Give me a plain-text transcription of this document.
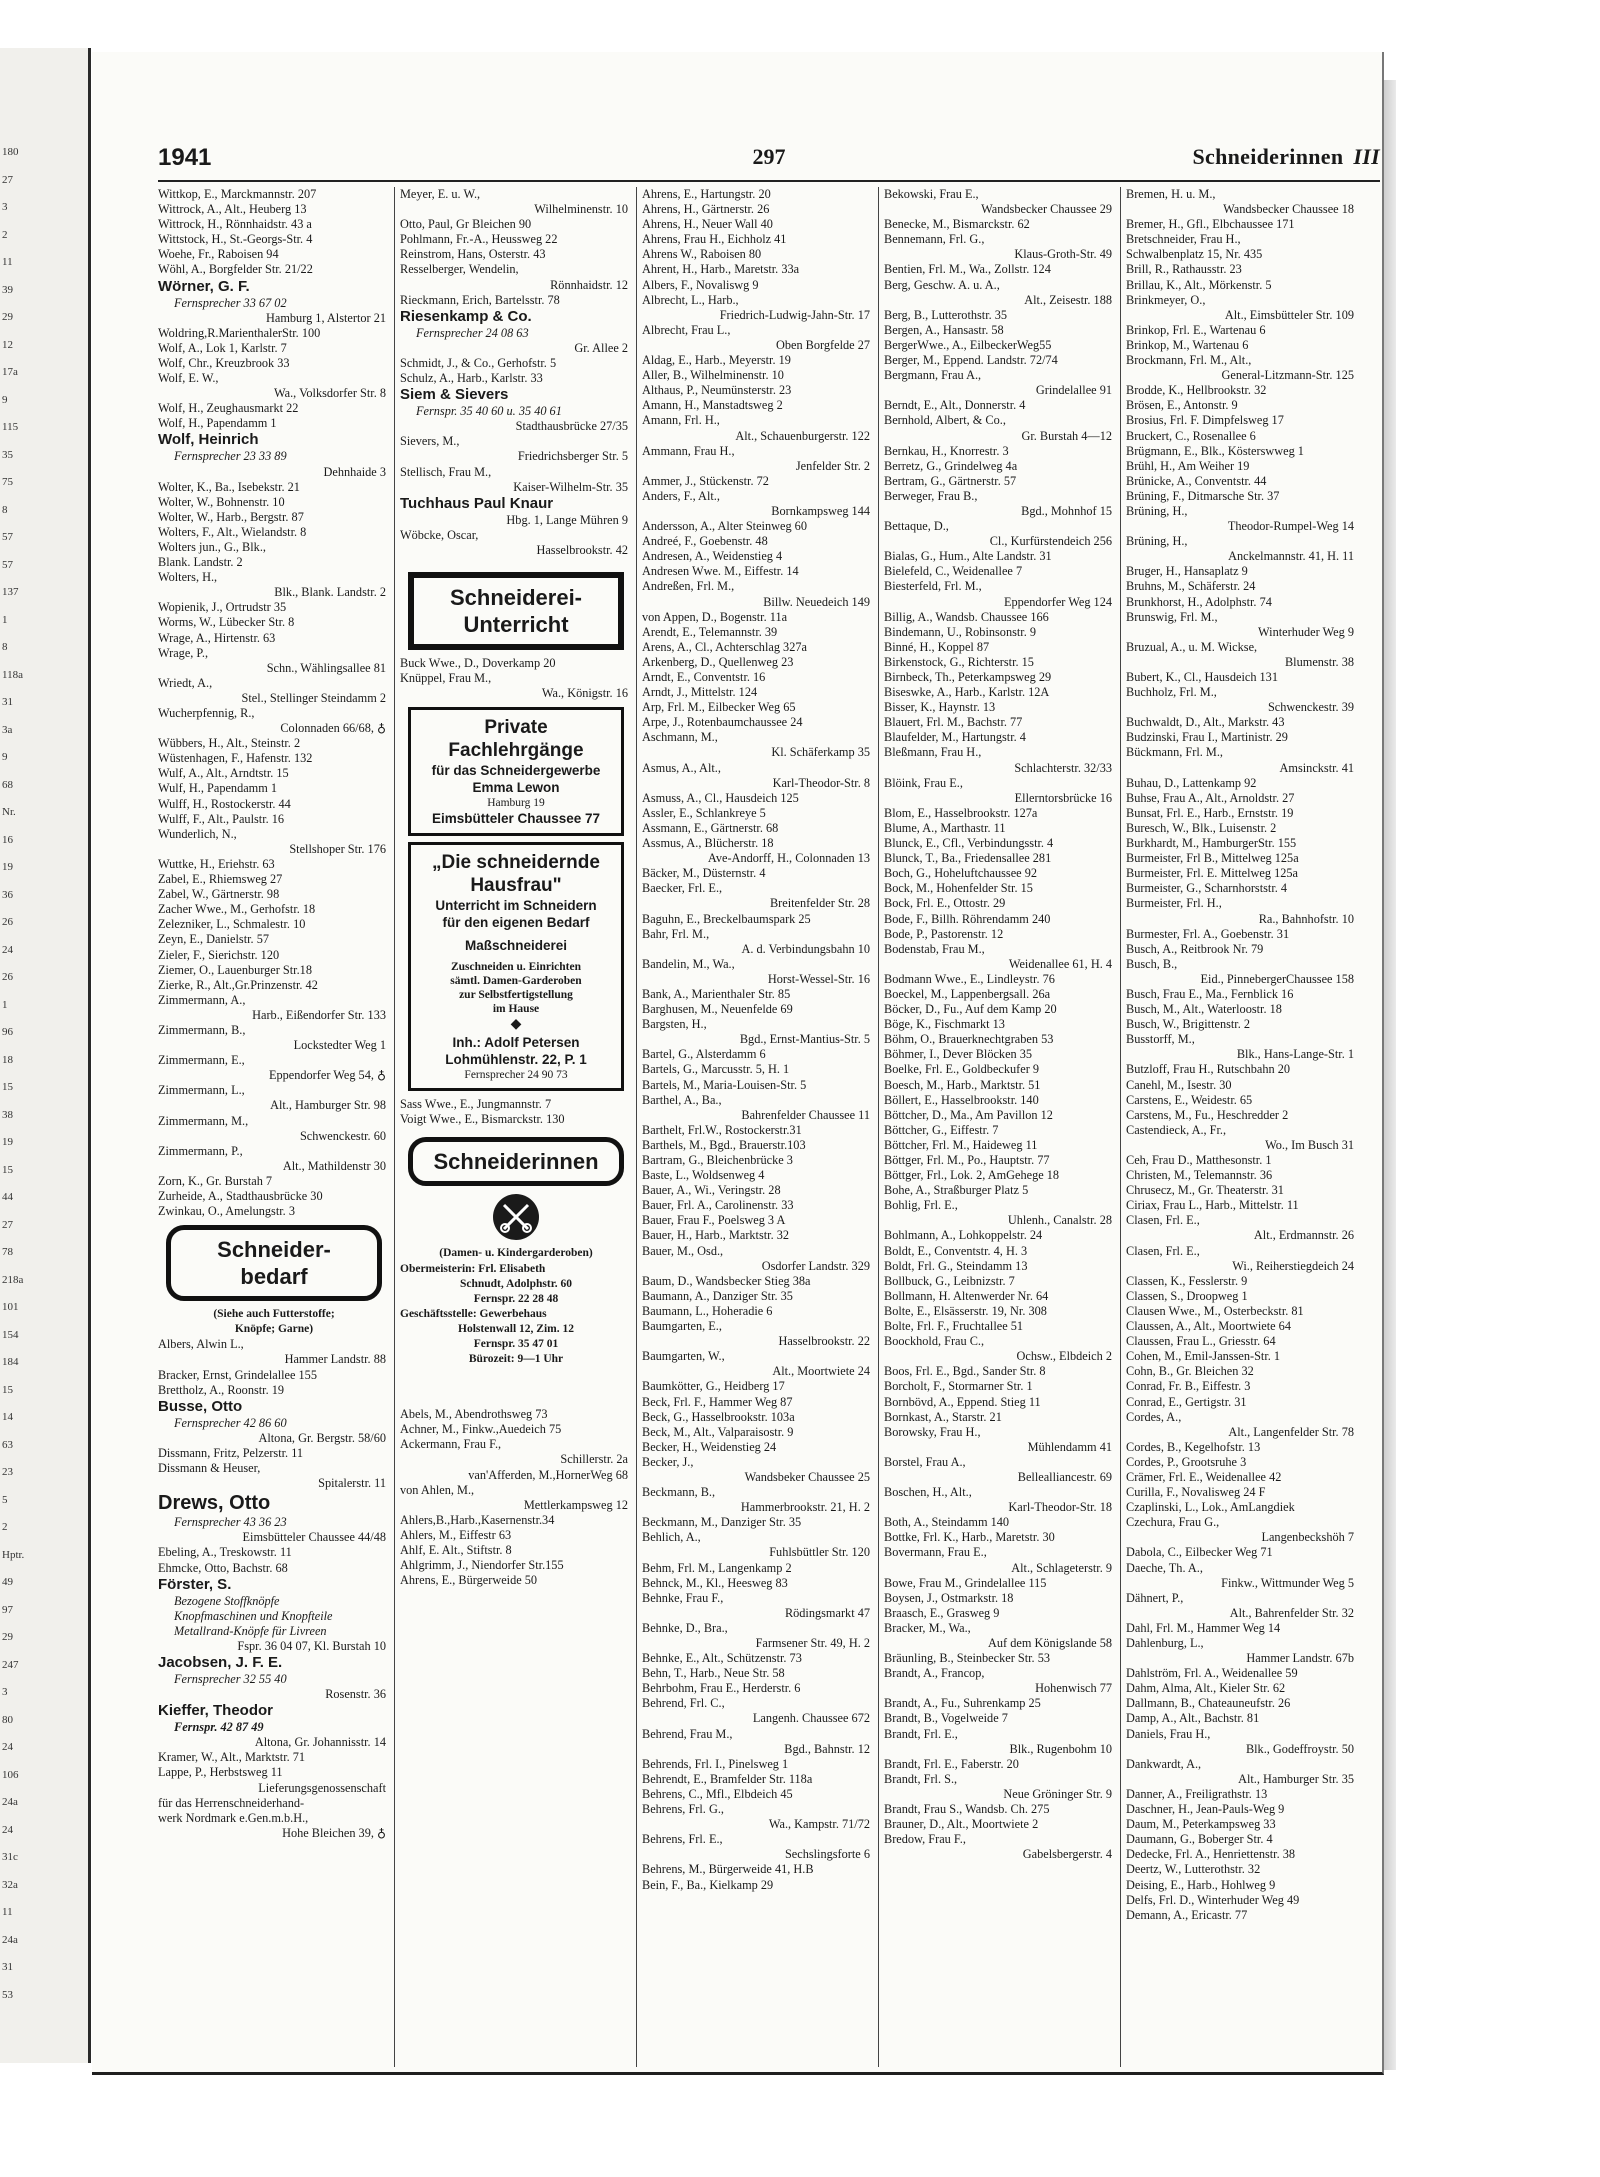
180
27
3
2
11
39
29
12
17a
9
115
35
75
8
57
57
137
1
8
118a
31
3a
9
68
Nr.
16
19
36
26
24
26
1
96
18
15
38
19
15
44
27
78
218a
101
154
184
15
14
63
23
5
2
Hptr.
49
97
29
247
3
80
24
106
24a
24
31c
32a
11
24a
31
53
1941	297	Schneiderinnen III
Wittkop, E., Marckmannstr. 207
Wittrock, A., Alt., Heuberg 13
Wittrock, H., Rönnhaidstr. 43 a
Wittstock, H., St.-Georgs-Str. 4
Woehe, Fr., Raboisen 94
Wöhl, A., Borgfelder Str. 21/22
Wörner, G. F.
Fernsprecher 33 67 02
Hamburg 1, Alstertor 21
Woldring,R.MarienthalerStr. 100
Wolf, A., Lok 1, Karlstr. 7
Wolf, Chr., Kreuzbrook 33
Wolf, E. W.,
Wa., Volksdorfer Str. 8
Wolf, H., Zeughausmarkt 22
Wolf, H., Papendamm 1
Wolf, Heinrich
Fernsprecher 23 33 89
Dehnhaide 3
Wolter, K., Ba., Isebekstr. 21
Wolter, W., Bohnenstr. 10
Wolter, W., Harb., Bergstr. 87
Wolters, F., Alt., Wielandstr. 8
Wolters jun., G., Blk.,
Blank. Landstr. 2
Wolters, H.,
Blk., Blank. Landstr. 2
Wopienik, J., Ortrudstr 35
Worms, W., Lübecker Str. 8
Wrage, A., Hirtenstr. 63
Wrage, P.,
Schn., Wählingsallee 81
Wriedt, A.,
Stel., Stellinger Steindamm 2
Wucherpfennig, R.,
Colonnaden 66/68, ♁
Wübbers, H., Alt., Steinstr. 2
Wüstenhagen, F., Hafenstr. 132
Wulf, A., Alt., Arndtstr. 15
Wulf, H., Papendamm 1
Wulff, H., Rostockerstr. 44
Wulff, F., Alt., Paulstr. 16
Wunderlich, N.,
Stellshoper Str. 176
Wuttke, H., Eriehstr. 63
Zabel, E., Rhiemsweg 27
Zabel, W., Gärtnerstr. 98
Zacher Wwe., M., Gerhofstr. 18
Zelezniker, L., Schmalestr. 10
Zeyn, E., Danielstr. 57
Zieler, F., Sierichstr. 120
Ziemer, O., Lauenburger Str.18
Zierke, R., Alt.,Gr.Prinzenstr. 42
Zimmermann, A.,
Harb., Eißendorfer Str. 133
Zimmermann, B.,
Lockstedter Weg 1
Zimmermann, E.,
Eppendorfer Weg 54, ♁
Zimmermann, L.,
Alt., Hamburger Str. 98
Zimmermann, M.,
Schwenckestr. 60
Zimmermann, P.,
Alt., Mathildenstr 30
Zorn, K., Gr. Burstah 7
Zurheide, A., Stadthausbrücke 30
Zwinkau, O., Amelungstr. 3
Schneider-
bedarf
(Siehe auch Futterstoffe;
Knöpfe; Garne)
Albers, Alwin L.,
Hammer Landstr. 88
Bracker, Ernst, Grindelallee 155
Brettholz, A., Roonstr. 19
Busse, Otto
Fernsprecher 42 86 60
Altona, Gr. Bergstr. 58/60
Dissmann, Fritz, Pelzerstr. 11
Dissmann & Heuser,
Spitalerstr. 11
Drews, Otto
Fernsprecher 43 36 23
Eimsbütteler Chaussee 44/48
Ebeling, A., Treskowstr. 11
Ehmcke, Otto, Bachstr. 68
Förster, S.
Bezogene Stoffknöpfe
Knopfmaschinen und Knopfteile
Metallrand-Knöpfe für Livreen
Fspr. 36 04 07, Kl. Burstah 10
Jacobsen, J. F. E.
Fernsprecher 32 55 40
Rosenstr. 36
Kieffer, Theodor
Fernspr. 42 87 49
Altona, Gr. Johannisstr. 14
Kramer, W., Alt., Marktstr. 71
Lappe, P., Herbstsweg 11
Lieferungsgenossenschaft
für das Herrenschneiderhand-
werk Nordmark e.Gen.m.b.H.,
Hohe Bleichen 39, ♁
Meyer, E. u. W.,
Wilhelminenstr. 10
Otto, Paul, Gr Bleichen 90
Pohlmann, Fr.-A., Heussweg 22
Reinstrom, Hans, Osterstr. 43
Resselberger, Wendelin,
Rönnhaidstr. 12
Rieckmann, Erich, Bartelsstr. 78
Riesenkamp & Co.
Fernsprecher 24 08 63
Gr. Allee 2
Schmidt, J., & Co., Gerhofstr. 5
Schulz, A., Harb., Karlstr. 33
Siem & Sievers
Fernspr. 35 40 60 u. 35 40 61
Stadthausbrücke 27/35
Sievers, M.,
Friedrichsberger Str. 5
Stellisch, Frau M.,
Kaiser-Wilhelm-Str. 35
Tuchhaus Paul Knaur
Hbg. 1, Lange Mühren 9
Wöbcke, Oscar,
Hasselbrookstr. 42
Schneiderei-
Unterricht
Buck Wwe., D., Doverkamp 20
Knüppel, Frau M.,
Wa., Königstr. 16
Private Fachlehrgänge
für das Schneidergewerbe
Emma Lewon
Hamburg 19
Eimsbütteler Chaussee 77
„Die schneidernde
Hausfrau"
Unterricht im Schneidern
für den eigenen Bedarf
Maßschneiderei
Zuschneiden u. Einrichten
sämtl. Damen-Garderoben
zur Selbstfertigstellung
im Hause
◆
Inh.: Adolf Petersen
Lohmühlenstr. 22, P. 1
Fernsprecher 24 90 73
Sass Wwe., E., Jungmannstr. 7
Voigt Wwe., E., Bismarckstr. 130
Schneiderinnen
(Damen- u. Kindergarderoben)
Obermeisterin: Frl. Elisabeth
Schnudt, Adolphstr. 60
Fernspr. 22 28 48
Geschäftsstelle: Gewerbehaus
Holstenwall 12, Zim. 12
Fernspr. 35 47 01
Bürozeit: 9—1 Uhr
Abels, M., Abendrothsweg 73
Achner, M., Finkw.,Auedeich 75
Ackermann, Frau F.,
Schillerstr. 2a
van'Afferden, M.,HornerWeg 68
von Ahlen, M.,
Mettlerkampsweg 12
Ahlers,B.,Harb.,Kasernenstr.34
Ahlers, M., Eiffestr 63
Ahlf, E. Alt., Stiftstr. 8
Ahlgrimm, J., Niendorfer Str.155
Ahrens, E., Bürgerweide 50
Ahrens, E., Hartungstr. 20
Ahrens, H., Gärtnerstr. 26
Ahrens, H., Neuer Wall 40
Ahrens, Frau H., Eichholz 41
Ahrens W., Raboisen 80
Ahrent, H., Harb., Maretstr. 33a
Albers, F., Novaliswg 9
Albrecht, L., Harb.,
Friedrich-Ludwig-Jahn-Str. 17
Albrecht, Frau L.,
Oben Borgfelde 27
Aldag, E., Harb., Meyerstr. 19
Aller, B., Wilhelminenstr. 10
Althaus, P., Neumünsterstr. 23
Amann, H., Manstadtsweg 2
Amann, Frl. H.,
Alt., Schauenburgerstr. 122
Ammann, Frau H.,
Jenfelder Str. 2
Ammer, J., Stückenstr. 72
Anders, F., Alt.,
Bornkampsweg 144
Andersson, A., Alter Steinweg 60
Andreé, F., Goebenstr. 48
Andresen, A., Weidenstieg 4
Andresen Wwe. M., Eiffestr. 14
Andreßen, Frl. M.,
Billw. Neuedeich 149
von Appen, D., Bogenstr. 11a
Arendt, E., Telemannstr. 39
Arens, A., Cl., Achterschlag 327a
Arkenberg, D., Quellenweg 23
Arndt, E., Conventstr. 16
Arndt, J., Mittelstr. 124
Arp, Frl. M., Eilbecker Weg 65
Arpe, J., Rotenbaumchaussee 24
Aschmann, M.,
Kl. Schäferkamp 35
Asmus, A., Alt.,
Karl-Theodor-Str. 8
Asmuss, A., Cl., Hausdeich 125
Assler, E., Schlankreye 5
Assmann, E., Gärtnerstr. 68
Assmus, A., Blücherstr. 18
Ave-Andorff, H., Colonnaden 13
Bäcker, M., Düsternstr. 4
Baecker, Frl. E.,
Breitenfelder Str. 28
Baguhn, E., Breckelbaumspark 25
Bahr, Frl. M.,
A. d. Verbindungsbahn 10
Bandelin, M., Wa.,
Horst-Wessel-Str. 16
Bank, A., Marienthaler Str. 85
Barghusen, M., Neuenfelde 69
Bargsten, H.,
Bgd., Ernst-Mantius-Str. 5
Bartel, G., Alsterdamm 6
Bartels, G., Marcusstr. 5, H. 1
Bartels, M., Maria-Louisen-Str. 5
Barthel, A., Ba.,
Bahrenfelder Chaussee 11
Barthelt, Frl.W., Rostockerstr.31
Barthels, M., Bgd., Brauerstr.103
Bartram, G., Bleichenbrücke 3
Baste, L., Woldsenweg 4
Bauer, A., Wi., Veringstr. 28
Bauer, Frl. A., Carolinenstr. 33
Bauer, Frau F., Poelsweg 3 A
Bauer, H., Harb., Marktstr. 32
Bauer, M., Osd.,
Osdorfer Landstr. 329
Baum, D., Wandsbecker Stieg 38a
Baumann, A., Danziger Str. 35
Baumann, L., Hoheradie 6
Baumgarten, E.,
Hasselbrookstr. 22
Baumgarten, W.,
Alt., Moortwiete 24
Baumkötter, G., Heidberg 17
Beck, Frl. F., Hammer Weg 87
Beck, G., Hasselbrookstr. 103a
Beck, M., Alt., Valparaisostr. 9
Becker, H., Weidenstieg 24
Becker, J.,
Wandsbeker Chaussee 25
Beckmann, B.,
Hammerbrookstr. 21, H. 2
Beckmann, M., Danziger Str. 35
Behlich, A.,
Fuhlsbüttler Str. 120
Behm, Frl. M., Langenkamp 2
Behnck, M., Kl., Heesweg 83
Behnke, Frau F.,
Rödingsmarkt 47
Behnke, D., Bra.,
Farmsener Str. 49, H. 2
Behnke, E., Alt., Schützenstr. 73
Behn, T., Harb., Neue Str. 58
Behrbohm, Frau E., Herderstr. 6
Behrend, Frl. C.,
Langenh. Chaussee 672
Behrend, Frau M.,
Bgd., Bahnstr. 12
Behrends, Frl. I., Pinelsweg 1
Behrendt, E., Bramfelder Str. 118a
Behrens, C., Mfl., Elbdeich 45
Behrens, Frl. G.,
Wa., Kampstr. 71/72
Behrens, Frl. E.,
Sechslingsforte 6
Behrens, M., Bürgerweide 41, H.B
Bein, F., Ba., Kielkamp 29
Bekowski, Frau E.,
Wandsbecker Chaussee 29
Benecke, M., Bismarckstr. 62
Bennemann, Frl. G.,
Klaus-Groth-Str. 49
Bentien, Frl. M., Wa., Zollstr. 124
Berg, Geschw. A. u. A.,
Alt., Zeisestr. 188
Berg, B., Lutterothstr. 35
Bergen, A., Hansastr. 58
BergerWwe., A., EilbeckerWeg55
Berger, M., Eppend. Landstr. 72/74
Bergmann, Frau A.,
Grindelallee 91
Berndt, E., Alt., Donnerstr. 4
Bernhold, Albert, & Co.,
Gr. Burstah 4—12
Bernkau, H., Knorrestr. 3
Berretz, G., Grindelweg 4a
Bertram, G., Gärtnerstr. 57
Berweger, Frau B.,
Bgd., Mohnhof 15
Bettaque, D.,
Cl., Kurfürstendeich 256
Bialas, G., Hum., Alte Landstr. 31
Bielefeld, C., Weidenallee 7
Biesterfeld, Frl. M.,
Eppendorfer Weg 124
Billig, A., Wandsb. Chaussee 166
Bindemann, U., Robinsonstr. 9
Binné, H., Koppel 87
Birkenstock, G., Richterstr. 15
Birnbeck, Th., Peterkampsweg 29
Biseswke, A., Harb., Karlstr. 12A
Bisser, K., Haynstr. 13
Blauert, Frl. M., Bachstr. 77
Blaufelder, M., Hartungstr. 4
Bleßmann, Frau H.,
Schlachterstr. 32/33
Blöink, Frau E.,
Ellerntorsbrücke 16
Blom, E., Hasselbrookstr. 127a
Blume, A., Marthastr. 11
Blunck, E., Cfl., Verbindungsstr. 4
Blunck, T., Ba., Friedensallee 281
Boch, G., Hoheluftchaussee 92
Bock, M., Hohenfelder Str. 15
Bock, Frl. E., Ottostr. 29
Bode, F., Billh. Röhrendamm 240
Bode, P., Pastorenstr. 12
Bodenstab, Frau M.,
Weidenallee 61, H. 4
Bodmann Wwe., E., Lindleystr. 76
Boeckel, M., Lappenbergsall. 26a
Böcker, D., Fu., Auf dem Kamp 20
Böge, K., Fischmarkt 13
Böhm, O., Brauerknechtgraben 53
Böhmer, I., Dever Blöcken 35
Boelke, Frl. E., Goldbeckufer 9
Boesch, M., Harb., Marktstr. 51
Böllert, E., Hasselbrookstr. 140
Böttcher, D., Ma., Am Pavillon 12
Böttcher, G., Eiffestr. 7
Böttcher, Frl. M., Haideweg 11
Böttger, Frl. M., Po., Hauptstr. 77
Böttger, Frl., Lok. 2, AmGehege 18
Bohe, A., Straßburger Platz 5
Bohlig, Frl. E.,
Uhlenh., Canalstr. 28
Bohlmann, A., Lohkoppelstr. 24
Boldt, E., Conventstr. 4, H. 3
Boldt, Frl. G., Steindamm 13
Bollbuck, G., Leibnizstr. 7
Bollmann, H. Altenwerder Nr. 64
Bolte, E., Elsässerstr. 19, Nr. 308
Bolte, Frl. F., Fruchtallee 51
Boockhold, Frau C.,
Ochsw., Elbdeich 2
Boos, Frl. E., Bgd., Sander Str. 8
Borcholt, F., Stormarner Str. 1
Bornbövd, A., Eppend. Stieg 11
Bornkast, A., Starstr. 21
Borowsky, Frau H.,
Mühlendamm 41
Borstel, Frau A.,
Bellealliancestr. 69
Boschen, H., Alt.,
Karl-Theodor-Str. 18
Both, A., Steindamm 140
Bottke, Frl. K., Harb., Maretstr. 30
Bovermann, Frau E.,
Alt., Schlageterstr. 9
Bowe, Frau M., Grindelallee 115
Boysen, J., Ostmarkstr. 18
Braasch, E., Grasweg 9
Bracker, M., Wa.,
Auf dem Königslande 58
Bräunling, B., Steinbecker Str. 53
Brandt, A., Francop,
Hohenwisch 77
Brandt, A., Fu., Suhrenkamp 25
Brandt, B., Vogelweide 7
Brandt, Frl. E.,
Blk., Rugenbohm 10
Brandt, Frl. E., Faberstr. 20
Brandt, Frl. S.,
Neue Gröninger Str. 9
Brandt, Frau S., Wandsb. Ch. 275
Brauner, D., Alt., Moortwiete 2
Bredow, Frau F.,
Gabelsbergerstr. 4
Bremen, H. u. M.,
Wandsbecker Chaussee 18
Bremer, H., Gfl., Elbchaussee 171
Bretschneider, Frau H.,
Schwalbenplatz 15, Nr. 435
Brill, R., Rathausstr. 23
Brillau, K., Alt., Mörkenstr. 5
Brinkmeyer, O.,
Alt., Eimsbütteler Str. 109
Brinkop, Frl. E., Wartenau 6
Brinkop, M., Wartenau 6
Brockmann, Frl. M., Alt.,
General-Litzmann-Str. 125
Brodde, K., Hellbrookstr. 32
Brösen, E., Antonstr. 9
Brosius, Frl. F. Dimpfelsweg 17
Bruckert, C., Rosenallee 6
Brügmann, E., Blk., Kösterswweg 1
Brühl, H., Am Weiher 19
Brünicke, A., Conventstr. 44
Brüning, F., Ditmarsche Str. 37
Brüning, H.,
Theodor-Rumpel-Weg 14
Brüning, H.,
Anckelmannstr. 41, H. 11
Bruger, H., Hansaplatz 9
Bruhns, M., Schäferstr. 24
Brunkhorst, H., Adolphstr. 74
Brunswig, Frl. M.,
Winterhuder Weg 9
Bruzual, A., u. M. Wickse,
Blumenstr. 38
Bubert, K., Cl., Hausdeich 131
Buchholz, Frl. M.,
Schwenckestr. 39
Buchwaldt, D., Alt., Markstr. 43
Budzinski, Frau I., Martinistr. 29
Bückmann, Frl. M.,
Amsinckstr. 41
Buhau, D., Lattenkamp 92
Buhse, Frau A., Alt., Arnoldstr. 27
Bunsat, Frl. E., Harb., Ernststr. 19
Buresch, W., Blk., Luisenstr. 2
Burkhardt, M., HamburgerStr. 155
Burmeister, Frl B., Mittelweg 125a
Burmeister, Frl. E. Mittelweg 125a
Burmeister, G., Scharnhorststr. 4
Burmeister, Frl. H.,
Ra., Bahnhofstr. 10
Burmester, Frl. A., Goebenstr. 31
Busch, A., Reitbrook Nr. 79
Busch, B.,
Eid., PinnebergerChaussee 158
Busch, Frau E., Ma., Fernblick 16
Busch, M., Alt., Waterloostr. 18
Busch, W., Brigittenstr. 2
Busstorff, M.,
Blk., Hans-Lange-Str. 1
Butzloff, Frau H., Rutschbahn 20
Canehl, M., Isestr. 30
Carstens, E., Weidestr. 65
Carstens, M., Fu., Heschredder 2
Castendieck, A., Fr.,
Wo., Im Busch 31
Ceh, Frau D., Matthesonstr. 1
Christen, M., Telemannstr. 36
Chrusecz, M., Gr. Theaterstr. 31
Ciriax, Frau L., Harb., Mittelstr. 11
Clasen, Frl. E.,
Alt., Erdmannstr. 26
Clasen, Frl. E.,
Wi., Reiherstiegdeich 24
Classen, K., Fesslerstr. 9
Classen, S., Droopweg 1
Clausen Wwe., M., Osterbeckstr. 81
Claussen, A., Alt., Moortwiete 64
Claussen, Frau L., Griesstr. 64
Cohen, M., Emil-Janssen-Str. 1
Cohn, B., Gr. Bleichen 32
Conrad, Fr. B., Eiffestr. 3
Conrad, E., Gertigstr. 31
Cordes, A.,
Alt., Langenfelder Str. 78
Cordes, B., Kegelhofstr. 13
Cordes, P., Grootsruhe 3
Crämer, Frl. E., Weidenallee 42
Curilla, F., Novalisweg 24 F
Czaplinski, L., Lok., AmLangdiek
Czechura, Frau G.,
Langenbeckshöh 7
Dabola, C., Eilbecker Weg 71
Daeche, Th. A.,
Finkw., Wittmunder Weg 5
Dähnert, P.,
Alt., Bahrenfelder Str. 32
Dahl, Frl. M., Hammer Weg 14
Dahlenburg, L.,
Hammer Landstr. 67b
Dahlström, Frl. A., Weidenallee 59
Dahm, Alma, Alt., Kieler Str. 62
Dallmann, B., Chateauneufstr. 26
Damp, A., Alt., Bachstr. 81
Daniels, Frau H.,
Blk., Godeffroystr. 50
Dankwardt, A.,
Alt., Hamburger Str. 35
Danner, A., Freiligrathstr. 13
Daschner, H., Jean-Pauls-Weg 9
Daum, M., Peterkampsweg 33
Daumann, G., Boberger Str. 4
Dedecke, Frl. A., Henriettenstr. 38
Deertz, W., Lutterothstr. 32
Deising, E., Harb., Hohlweg 9
Delfs, Frl. D., Winterhuder Weg 49
Demann, A., Ericastr. 77
